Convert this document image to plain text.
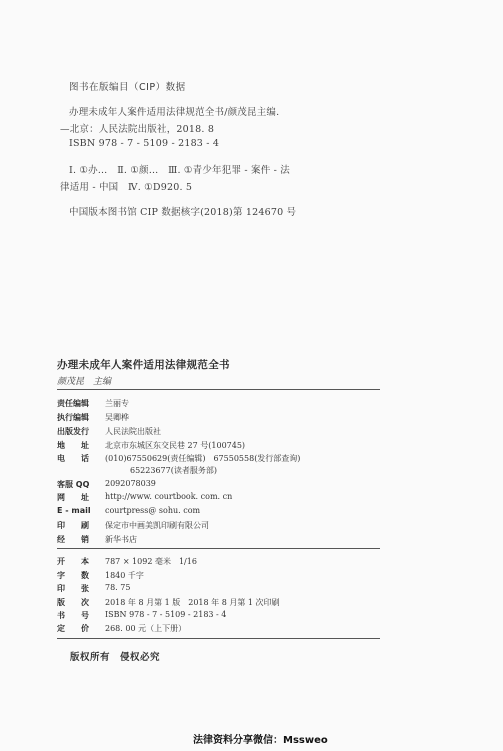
图书在版编目（CIP）数据
办理未成年人案件适用法律规范全书/颜茂昆主编.
—北京：人民法院出版社，2018. 8
ISBN 978 - 7 - 5109 - 2183 - 4
Ⅰ. ①办…　Ⅱ. ①颜…　Ⅲ. ①青少年犯罪 - 案件 - 法
律适用 - 中国　Ⅳ. ①D920. 5
中国版本图书馆 CIP 数据核字(2018)第 124670 号
办理未成年人案件适用法律规范全书
颜茂昆　主编
责任编辑	兰丽专
执行编辑	吴卿桦
出版发行	人民法院出版社
地　　址	北京市东城区东交民巷 27 号(100745)
电　　话	(010)67550629(责任编辑)　67550558(发行部查询)
65223677(读者服务部)
客服 QQ	2092078039
网　　址	http://www. courtbook. com. cn
E - mail	courtpress@ sohu. com
印　　刷	保定市中画美凯印刷有限公司
经　　销	新华书店
开　　本	787 × 1092 毫米　1/16
字　　数	1840 千字
印　　张	78. 75
版　　次	2018 年 8 月第 1 版　2018 年 8 月第 1 次印刷
书　　号	ISBN 978 - 7 - 5109 - 2183 - 4
定　　价	268. 00 元（上下册）
版权所有　侵权必究
法律资料分享微信：Mssweo
